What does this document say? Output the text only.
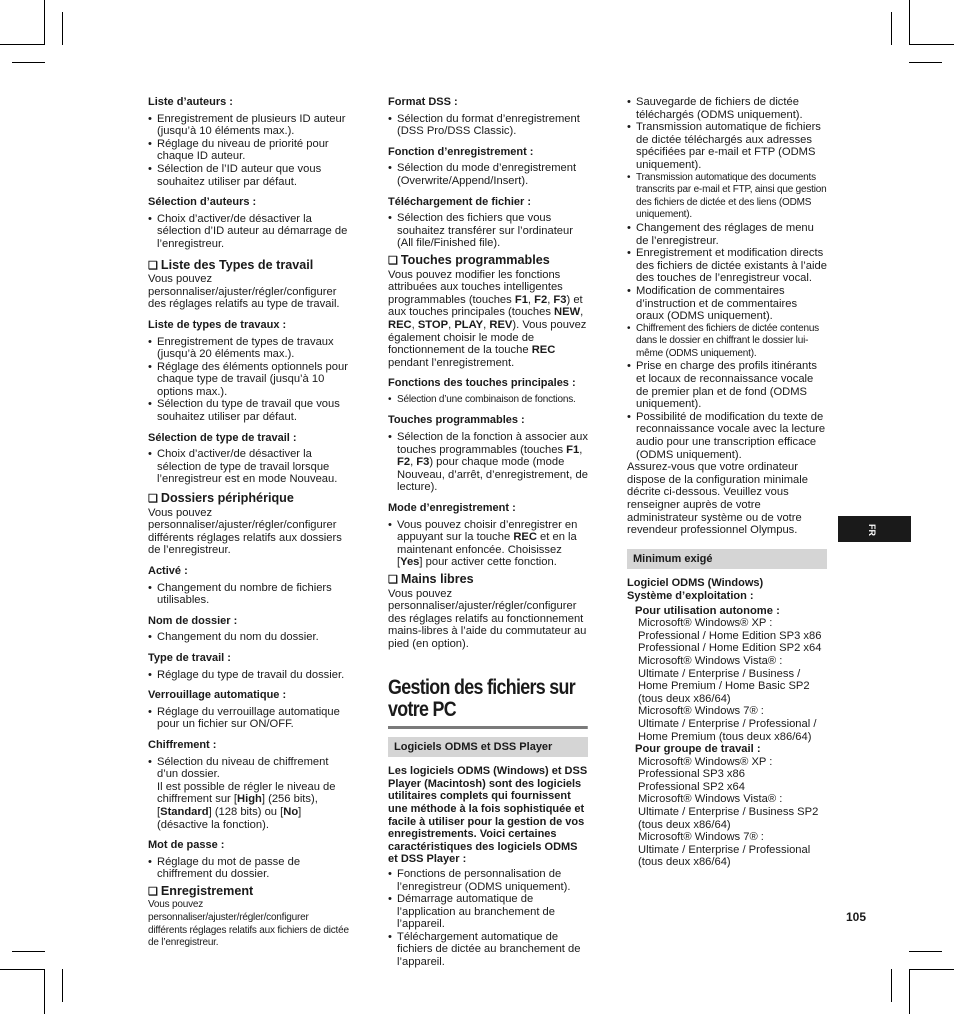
Liste d’auteurs :
• Enregistrement de plusieurs ID auteur (jusqu’à 10 éléments max.).
• Réglage du niveau de priorité pour chaque ID auteur.
• Sélection de l’ID auteur que vous souhaitez utiliser par défaut.
Sélection d’auteurs :
• Choix d’activer/de désactiver la sélection d’ID auteur au démarrage de l’enregistreur.
❏ Liste des Types de travail

Vous pouvez personnaliser/ajuster/régler/configurer des réglages relatifs au type de travail.

Liste de types de travaux :
• Enregistrement de types de travaux (jusqu’à 20 éléments max.).
• Réglage des éléments optionnels pour chaque type de travail (jusqu’à 10 options max.).
• Sélection du type de travail que vous souhaitez utiliser par défaut.
Sélection de type de travail :
• Choix d’activer/de désactiver la sélection de type de travail lorsque l’enregistreur est en mode Nouveau.
❏ Dossiers périphérique

Vous pouvez personnaliser/ajuster/régler/configurer différents réglages relatifs aux dossiers de l’enregistreur.

Activé :
• Changement du nombre de fichiers utilisables.
Nom de dossier :
• Changement du nom du dossier.
Type de travail :
• Réglage du type de travail du dossier.
Verrouillage automatique :
• Réglage du verrouillage automatique pour un fichier sur ON/OFF.
Chiffrement :
• Sélection du niveau de chiffrement d’un dossier.
Il est possible de régler le niveau de chiffrement sur [High] (256 bits), [Standard] (128 bits) ou [No] (désactive la fonction).
Mot de passe :
• Réglage du mot de passe de chiffrement du dossier.
❏ Enregistrement

Vous pouvez personnaliser/ajuster/régler/configurer différents réglages relatifs aux fichiers de dictée de l’enregistreur.

Format DSS :
• Sélection du format d’enregistrement (DSS Pro/DSS Classic).
Fonction d’enregistrement :
• Sélection du mode d’enregistrement (Overwrite/Append/Insert).
Téléchargement de fichier :
• Sélection des fichiers que vous souhaitez transférer sur l’ordinateur (All file/Finished file).
❏ Touches programmables

Vous pouvez modifier les fonctions attribuées aux touches intelligentes programmables (touches F1, F2, F3) et aux touches principales (touches NEW, REC, STOP, PLAY, REV). Vous pouvez également choisir le mode de fonctionnement de la touche REC pendant l’enregistrement.

Fonctions des touches principales :
• Sélection d’une combinaison de fonctions.
Touches programmables :
• Sélection de la fonction à associer aux touches programmables (touches F1, F2, F3) pour chaque mode (mode Nouveau, d’arrêt, d’enregistrement, de lecture).
Mode d’enregistrement :
• Vous pouvez choisir d’enregistrer en appuyant sur la touche REC et en la maintenant enfoncée. Choisissez [Yes] pour activer cette fonction.
❏ Mains libres

Vous pouvez personnaliser/ajuster/régler/configurer des réglages relatifs au fonctionnement mains-libres à l’aide du commutateur au pied (en option).

Gestion des fichiers sur votre PC
Logiciels ODMS et DSS Player
Les logiciels ODMS (Windows) et DSS Player (Macintosh) sont des logiciels utilitaires complets qui fournissent une méthode à la fois sophistiquée et facile à utiliser pour la gestion de vos enregistrements. Voici certaines caractéristiques des logiciels ODMS et DSS Player :
• Fonctions de personnalisation de l’enregistreur (ODMS uniquement).
• Démarrage automatique de l’application au branchement de l’appareil.
• Téléchargement automatique de fichiers de dictée au branchement de l’appareil.
• Sauvegarde de fichiers de dictée téléchargés (ODMS uniquement).
• Transmission automatique de fichiers de dictée téléchargés aux adresses spécifiées par e-mail et FTP (ODMS uniquement).
• Transmission automatique des documents transcrits par e-mail et FTP, ainsi que gestion des fichiers de dictée et des liens (ODMS uniquement).
• Changement des réglages de menu de l’enregistreur.
• Enregistrement et modification directs des fichiers de dictée existants à l’aide des touches de l’enregistreur vocal.
• Modification de commentaires d’instruction et de commentaires oraux (ODMS uniquement).
• Chiffrement des fichiers de dictée contenus dans le dossier en chiffrant le dossier lui-même (ODMS uniquement).
• Prise en charge des profils itinérants et locaux de reconnaissance vocale de premier plan et de fond (ODMS uniquement).
• Possibilité de modification du texte de reconnaissance vocale avec la lecture audio pour une transcription efficace (ODMS uniquement).

Assurez-vous que votre ordinateur dispose de la configuration minimale décrite ci-dessous. Veuillez vous renseigner auprès de votre administrateur système ou de votre revendeur professionnel Olympus.

Minimum exigé
Logiciel ODMS (Windows)
Système d’exploitation :
Pour utilisation autonome :
Microsoft® Windows® XP :
Professional / Home Edition SP3 x86
Professional / Home Edition SP2 x64
Microsoft® Windows Vista® :
Ultimate / Enterprise / Business / Home Premium / Home Basic SP2 (tous deux x86/64)
Microsoft® Windows 7® :
Ultimate / Enterprise / Professional / Home Premium (tous deux x86/64)
Pour groupe de travail :
Microsoft® Windows® XP :
Professional SP3 x86
Professional SP2 x64
Microsoft® Windows Vista® :
Ultimate / Enterprise / Business SP2 (tous deux x86/64)
Microsoft® Windows 7® :
Ultimate / Enterprise / Professional (tous deux x86/64)
FR
105
